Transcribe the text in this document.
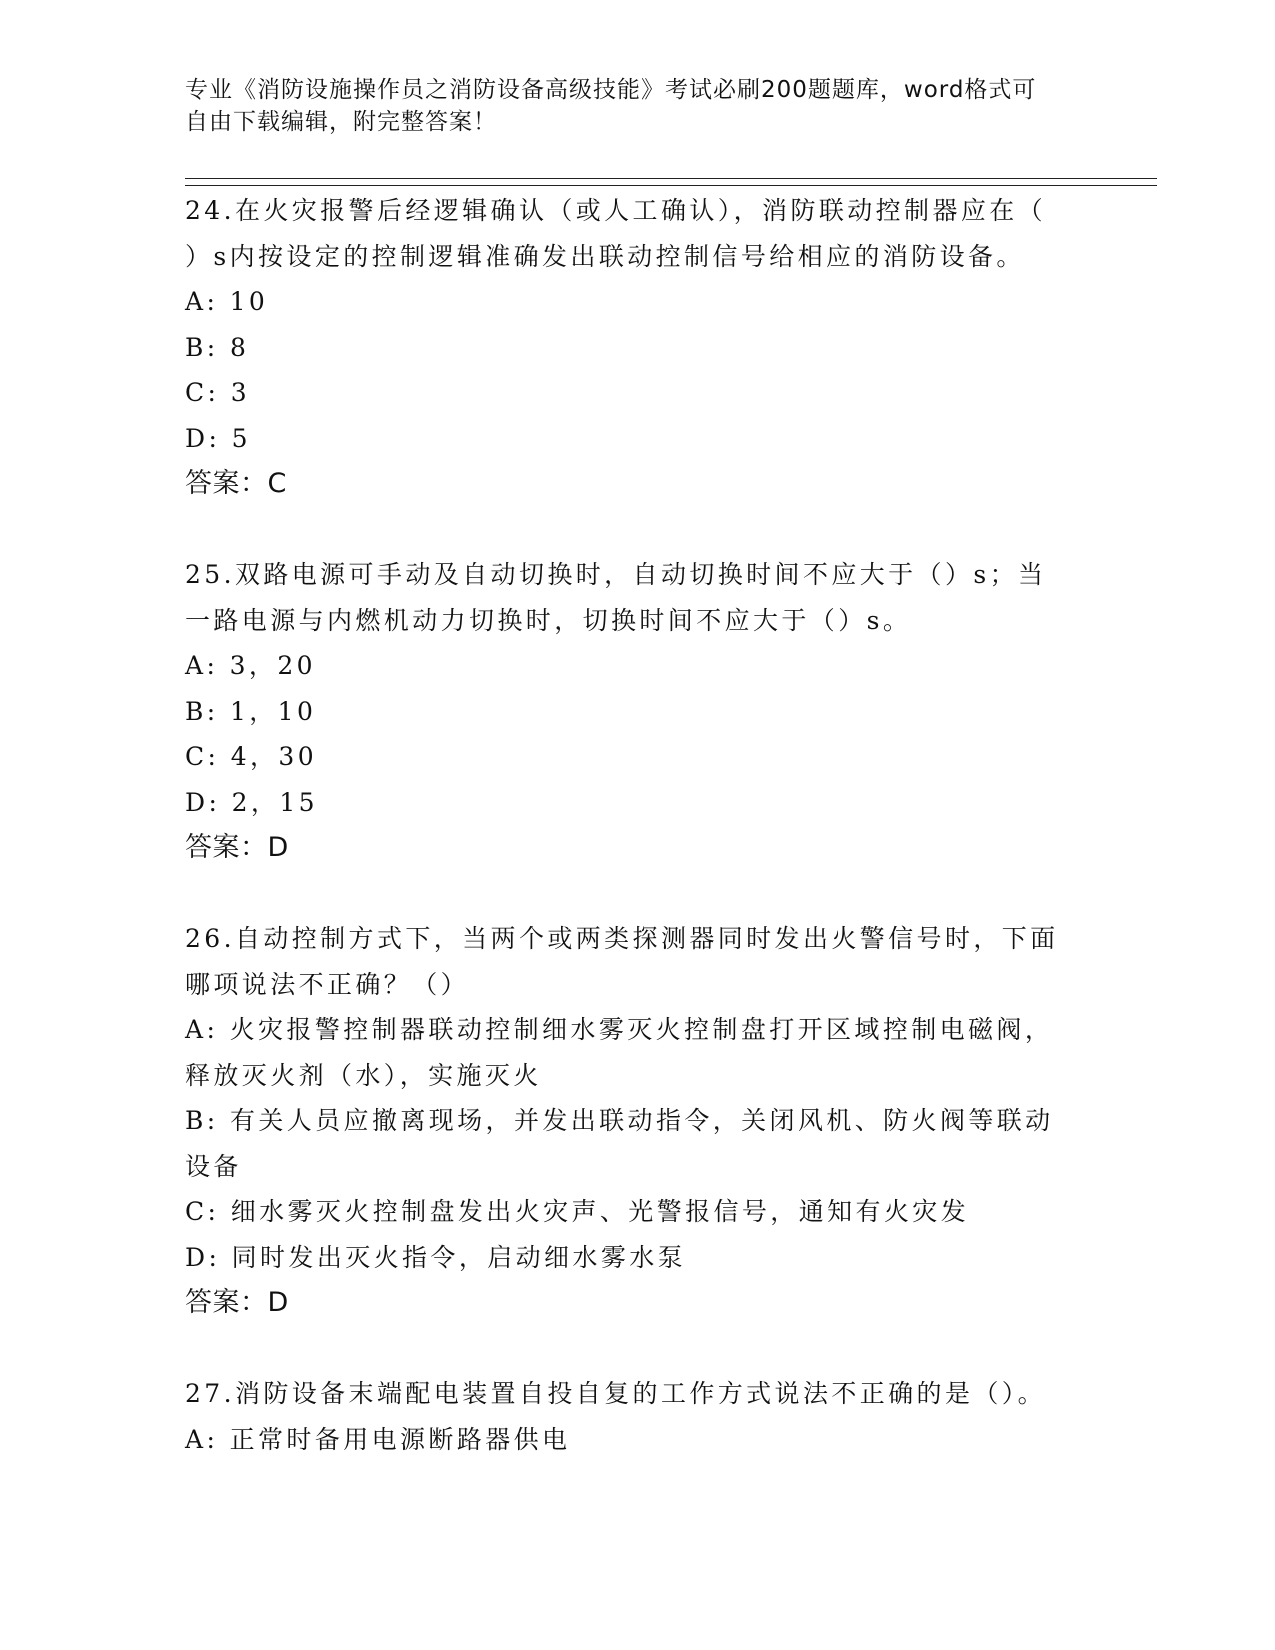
专业《消防设施操作员之消防设备高级技能》考试必刷200题题库，word格式可
自由下载编辑，附完整答案！
24.在火灾报警后经逻辑确认（或人工确认），消防联动控制器应在（
）s内按设定的控制逻辑准确发出联动控制信号给相应的消防设备。
A: 10
B: 8
C: 3
D: 5
答案：C
25.双路电源可手动及自动切换时，自动切换时间不应大于（）s；当
一路电源与内燃机动力切换时，切换时间不应大于（）s。
A: 3，20
B: 1，10
C: 4，30
D: 2，15
答案：D
26.自动控制方式下，当两个或两类探测器同时发出火警信号时，下面
哪项说法不正确？（）
A: 火灾报警控制器联动控制细水雾灭火控制盘打开区域控制电磁阀，
释放灭火剂（水），实施灭火
B: 有关人员应撤离现场，并发出联动指令，关闭风机、防火阀等联动
设备
C: 细水雾灭火控制盘发出火灾声、光警报信号，通知有火灾发
D: 同时发出灭火指令，启动细水雾水泵
答案：D
27.消防设备末端配电装置自投自复的工作方式说法不正确的是（）。
A: 正常时备用电源断路器供电
